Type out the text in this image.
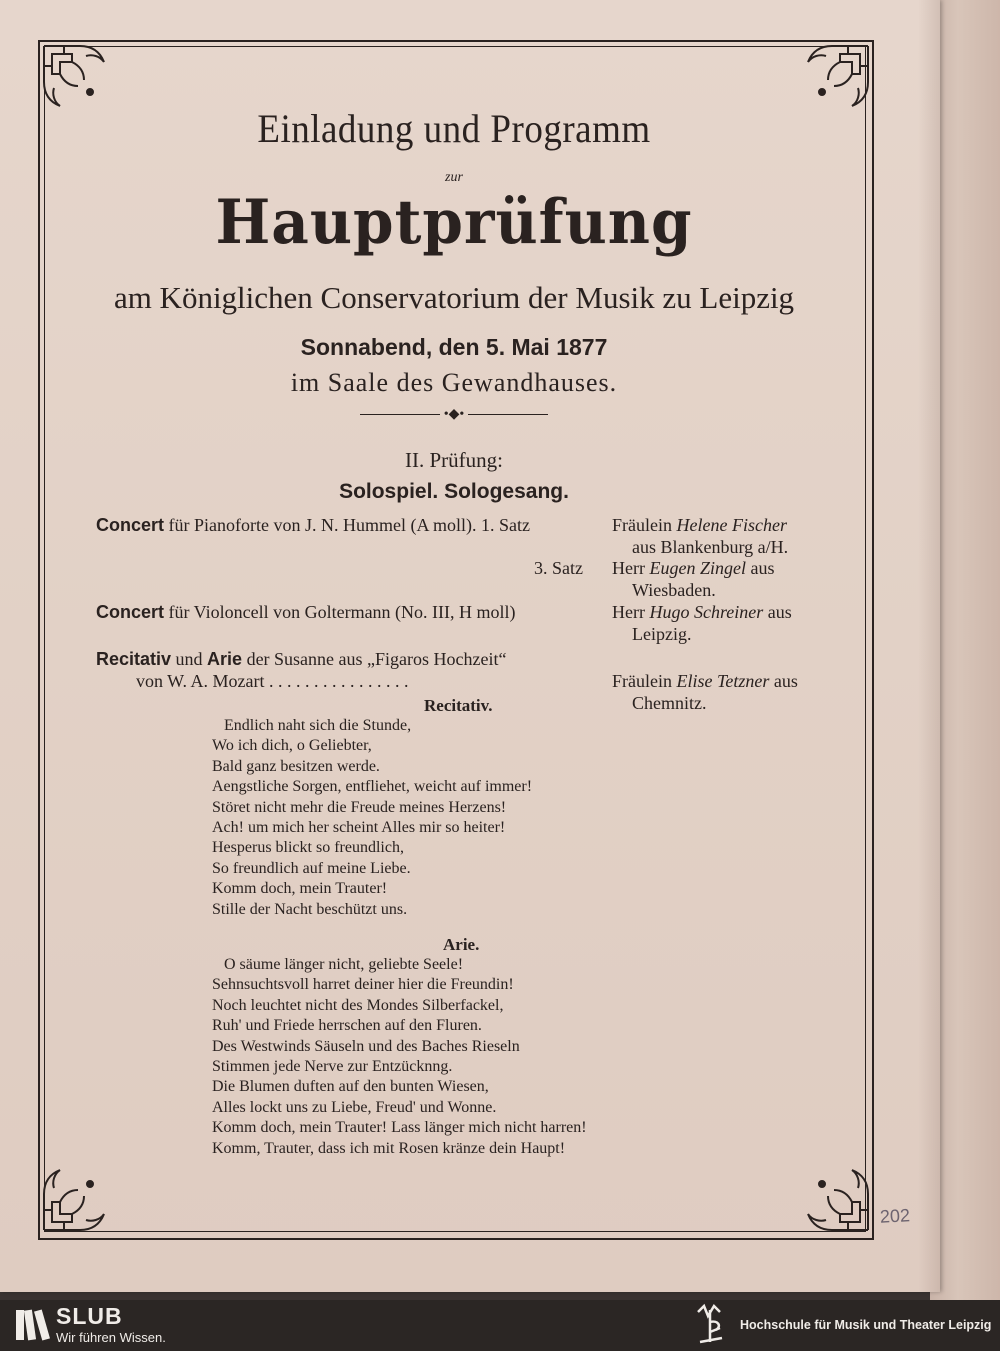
Einladung und Programm
zur
Hauptprüfung
am Königlichen Conservatorium der Musik zu Leipzig
Sonnabend, den 5. Mai 1877
im Saale des Gewandhauses.
•◆•
II. Prüfung:
Solospiel. Sologesang.
Concert für Pianoforte von J. N. Hummel (A moll). 1. Satz	Fräulein Helene Fischer
aus Blankenburg a/H.
3. Satz Herr Eugen Zingel aus
Wiesbaden.
Concert für Violoncell von Goltermann (No. III, H moll)	Herr Hugo Schreiner aus
Leipzig.
Recitativ und Arie der Susanne aus „Figaros Hochzeit“
von W. A. Mozart . . . . . . . . . . . . . . . .	Fräulein Elise Tetzner aus
Chemnitz.
Recitativ.
Endlich naht sich die Stunde,
Wo ich dich, o Geliebter,
Bald ganz besitzen werde.
Aengstliche Sorgen, entfliehet, weicht auf immer!
Störet nicht mehr die Freude meines Herzens!
Ach! um mich her scheint Alles mir so heiter!
Hesperus blickt so freundlich,
So freundlich auf meine Liebe.
Komm doch, mein Trauter!
Stille der Nacht beschützt uns.
Arie.
O säume länger nicht, geliebte Seele!
Sehnsuchtsvoll harret deiner hier die Freundin!
Noch leuchtet nicht des Mondes Silberfackel,
Ruh' und Friede herrschen auf den Fluren.
Des Westwinds Säuseln und des Baches Rieseln
Stimmen jede Nerve zur Entzücknng.
Die Blumen duften auf den bunten Wiesen,
Alles lockt uns zu Liebe, Freud' und Wonne.
Komm doch, mein Trauter! Lass länger mich nicht harren!
Komm, Trauter, dass ich mit Rosen kränze dein Haupt!
202
SLUB
Wir führen Wissen.
Hochschule für Musik und Theater Leipzig
